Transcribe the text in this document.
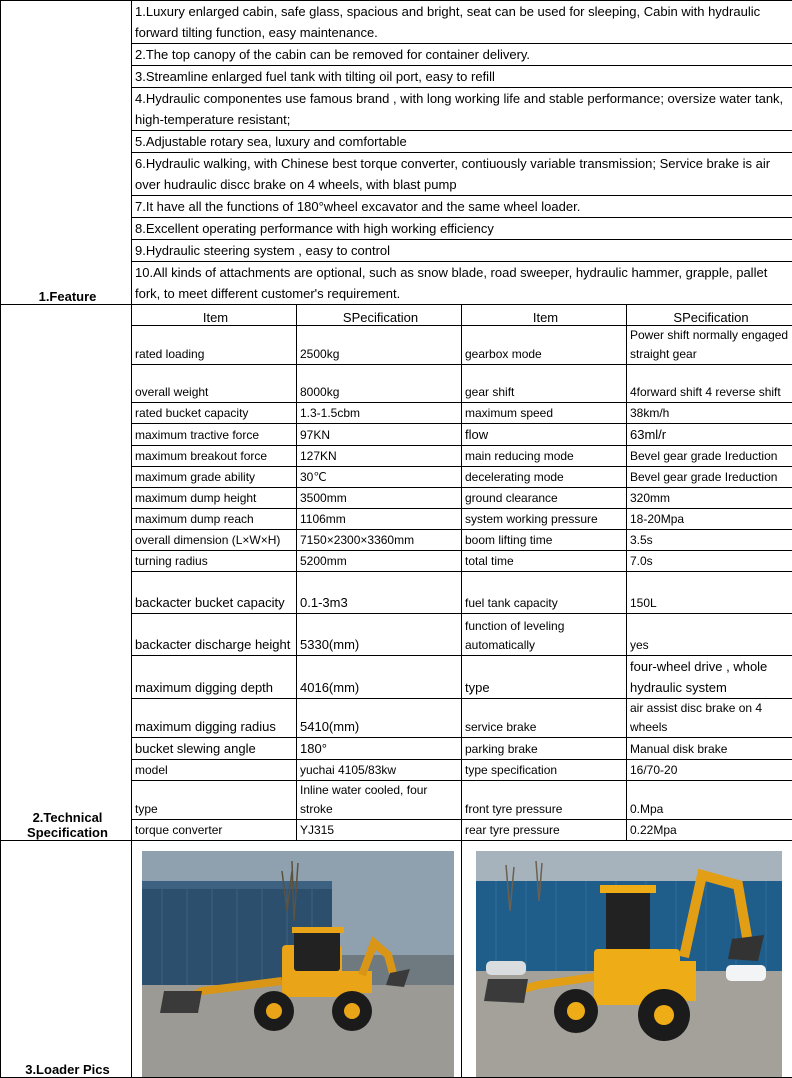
1.Feature	1.Luxury enlarged cabin, safe glass, spacious and bright, seat can be used for sleeping, Cabin with hydraulic forward tilting function, easy maintenance.			

	2.The top canopy of the cabin can be removed for container delivery.			
	3.Streamline enlarged fuel tank with tilting oil port, easy to refill			

	4.Hydraulic componentes use famous brand , with long working life and stable performance; oversize water tank, high-temperature resistant;			

	5.Adjustable rotary sea, luxury and comfortable			

	6.Hydraulic walking, with Chinese best torque converter, contiuously variable transmission; Service brake is air over hudraulic discc brake on 4 wheels, with blast pump			

	7.It have all the functions of 180°wheel excavator and the same wheel loader.			
	8.Excellent operating performance with high working efficiency			
	9.Hydraulic steering system , easy to control			

	10.All kinds of attachments are optional, such as snow blade, road sweeper, hydraulic hammer, grapple, pallet fork, to meet different customer's requirement.			

2.Technical Specification	Item	SPecification	Item	SPecification
	rated loading	2500kg	gearbox mode	Power shift normally engaged straight gear
	overall weight	8000kg	gear shift	4forward shift 4 reverse shift
	rated bucket capacity	1.3-1.5cbm	maximum speed	38km/h
	maximum tractive force	97KN	flow	63ml/r
	maximum breakout force	127KN	main reducing mode	Bevel gear grade Ireduction
	maximum grade ability	30℃	decelerating mode	Bevel gear grade Ireduction
	maximum dump height	3500mm	ground clearance	320mm
	maximum dump reach	1106mm	system working pressure	18-20Mpa
	overall dimension (L×W×H)	7150×2300×3360mm	boom lifting time	3.5s
	turning radius	5200mm	total time	7.0s
	backacter bucket capacity	0.1-3m3	fuel tank capacity	150L
	backacter discharge height	5330(mm)	function of leveling automatically	yes
	maximum digging depth	4016(mm)	type	four-wheel drive , whole hydraulic system
	maximum digging radius	5410(mm)	service brake	air assist disc brake on 4 wheels
	bucket slewing angle	180°	parking brake	Manual disk brake
	model	yuchai 4105/83kw	type specification	16/70-20
	type	Inline water cooled, four stroke	front tyre pressure	0.Mpa
	torque converter	YJ315	rear tyre pressure	0.22Mpa
3.Loader Pics	
